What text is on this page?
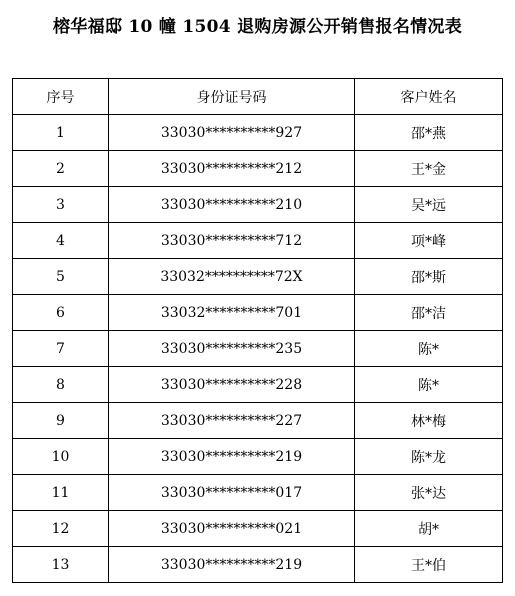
榕华福邸 10 幢 1504 退购房源公开销售报名情况表
序号	身份证号码	客户姓名
1	33030**********927	邵*燕
2	33030**********212	王*金
3	33030**********210	吴*远
4	33030**********712	项*峰
5	33032**********72X	邵*斯
6	33032**********701	邵*洁
7	33030**********235	陈*
8	33030**********228	陈*
9	33030**********227	林*梅
10	33030**********219	陈*龙
11	33030**********017	张*达
12	33030**********021	胡*
13	33030**********219	王*伯
